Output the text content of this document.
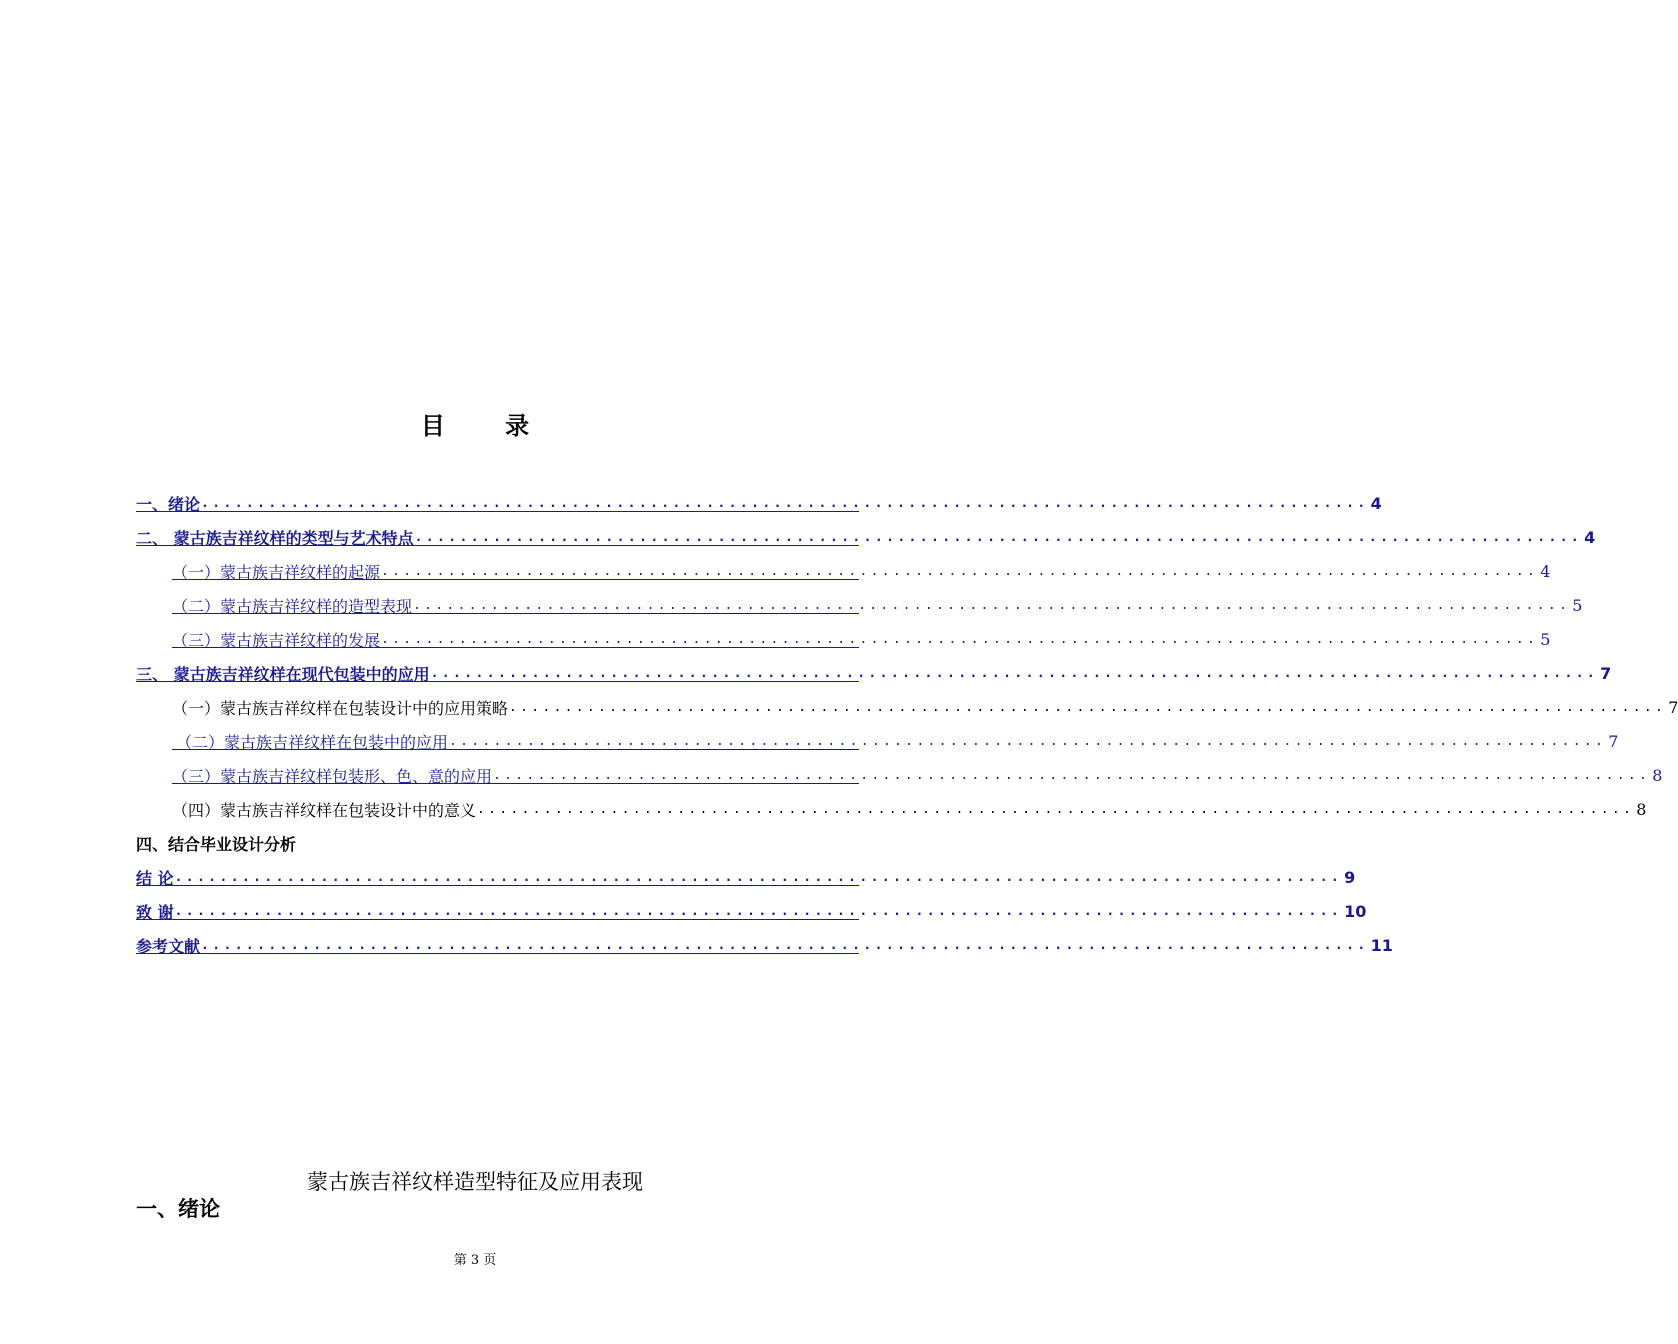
目 录
一、绪论 ........................................................................................................ 4
二、 蒙古族吉祥纹样的类型与艺术特点 ........................................................................................................ 4
（一）蒙古族吉祥纹样的起源 ........................................................................................................ 4
（二）蒙古族吉祥纹样的造型表现 ........................................................................................................ 5
（三）蒙古族吉祥纹样的发展 ........................................................................................................ 5
三、 蒙古族吉祥纹样在现代包装中的应用 ........................................................................................................ 7
（一）蒙古族吉祥纹样在包装设计中的应用策略 ........................................................................................................ 7
（二）蒙古族吉祥纹样在包装中的应用 ........................................................................................................ 7
（三）蒙古族吉祥纹样包装形、色、意的应用 ........................................................................................................ 8
（四）蒙古族吉祥纹样在包装设计中的意义 ........................................................................................................ 8
四、结合毕业设计分析
结 论 ........................................................................................................ 9
致 谢 ........................................................................................................ 10
参考文献 ........................................................................................................ 11
蒙古族吉祥纹样造型特征及应用表现
一、绪论
第 3 页
